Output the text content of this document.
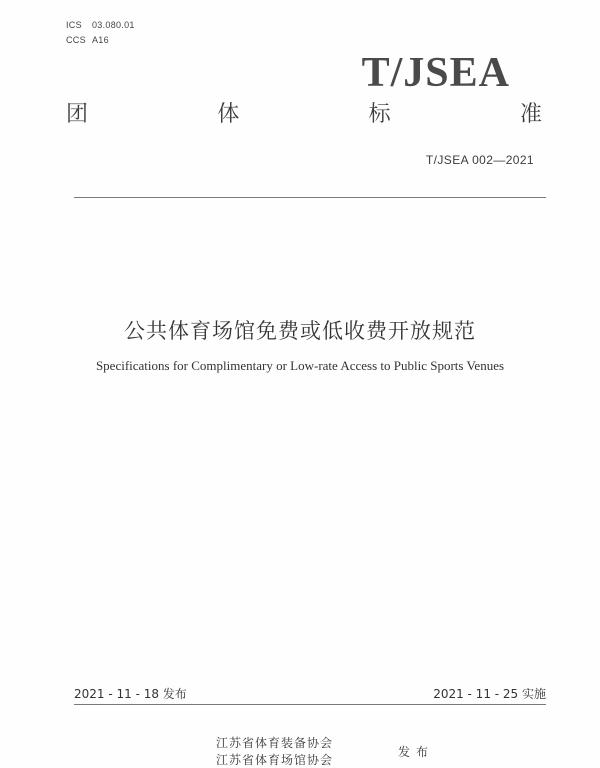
ICS 03.080.01
CCS A16
T/JSEA
团	体	标	准
T/JSEA 002—2021
公共体育场馆免费或低收费开放规范
Specifications for Complimentary or Low-rate Access to Public Sports Venues
2021 - 11 - 18 发布	2021 - 11 - 25 实施
江苏省体育装备协会
江苏省体育场馆协会
发布
